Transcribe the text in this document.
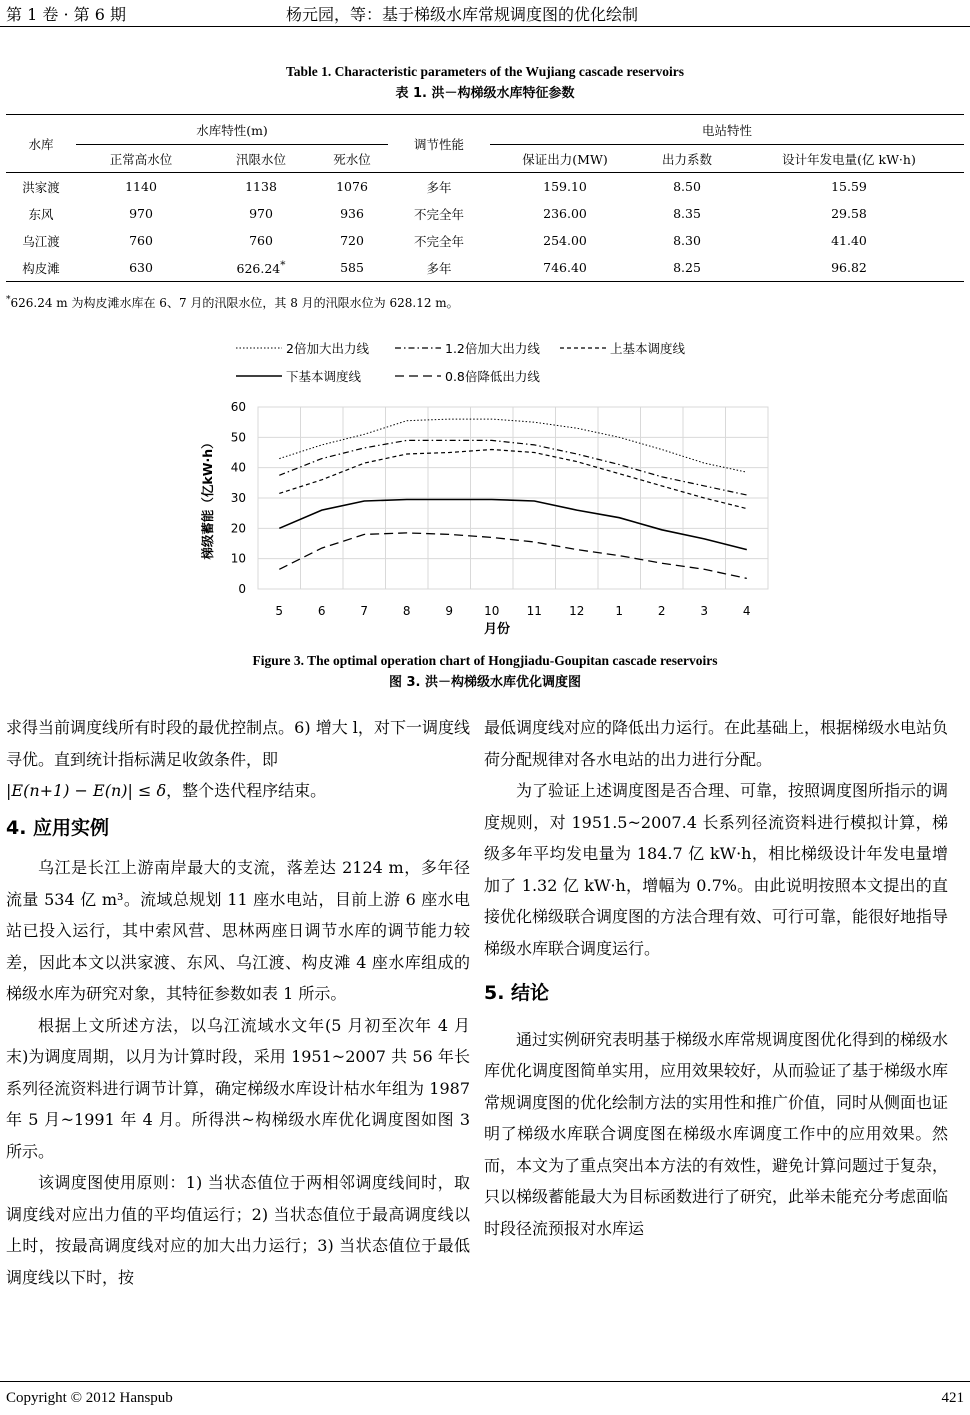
第 1 卷 · 第 6 期	杨元园，等：基于梯级水库常规调度图的优化绘制
Table 1. Characteristic parameters of the Wujiang cascade reservoirs
表 1. 洪－构梯级水库特征参数
水库	水库特性(m)			调节性能	电站特性		
	正常高水位	汛限水位	死水位		保证出力(MW)	出力系数	设计年发电量(亿 kW·h)
洪家渡	1140	1138	1076	多年	159.10	8.50	15.59
东风	970	970	936	不完全年	236.00	8.35	29.58
乌江渡	760	760	720	不完全年	254.00	8.30	41.40
构皮滩	630	626.24*	585	多年	746.40	8.25	96.82
*626.24 m 为构皮滩水库在 6、7 月的汛限水位，其 8 月的汛限水位为 628.12 m。
2倍加大出力线	1.2倍加大出力线	上基本调度线
下基本调度线	0.8倍降低出力线
0
10
20
30
40
50
60
5	6	7	8	9	10 11 12	1	2	3	4
月份
梯级蓄能（亿kW·h）
Figure 3. The optimal operation chart of Hongjiadu-Goupitan cascade reservoirs
图 3. 洪－构梯级水库优化调度图

求得当前调度线所有时段的最优控制点。6) 增大 l，对下一调度线寻优。直到统计指标满足收敛条件，即
|E(n+1) − E(n)| ≤ δ，整个迭代程序结束。

4. 应用实例

乌江是长江上游南岸最大的支流，落差达 2124 m，多年径流量 534 亿 m³。流域总规划 11 座水电站，目前上游 6 座水电站已投入运行，其中索风营、思林两座日调节水库的调节能力较差，因此本文以洪家渡、东风、乌江渡、构皮滩 4 座水库组成的梯级水库为研究对象，其特征参数如表 1 所示。

根据上文所述方法，以乌江流域水文年(5 月初至次年 4 月末)为调度周期，以月为计算时段，采用 1951~2007 共 56 年长系列径流资料进行调节计算，确定梯级水库设计枯水年组为 1987 年 5 月~1991 年 4 月。所得洪~构梯级水库优化调度图如图 3 所示。

该调度图使用原则：1) 当状态值位于两相邻调度线间时，取调度线对应出力值的平均值运行；2) 当状态值位于最高调度线以上时，按最高调度线对应的加大出力运行；3) 当状态值位于最低调度线以下时，按

最低调度线对应的降低出力运行。在此基础上，根据梯级水电站负荷分配规律对各水电站的出力进行分配。

为了验证上述调度图是否合理、可靠，按照调度图所指示的调度规则，对 1951.5~2007.4 长系列径流资料进行模拟计算，梯级多年平均发电量为 184.7 亿 kW·h，相比梯级设计年发电量增加了 1.32 亿 kW·h，增幅为 0.7%。由此说明按照本文提出的直接优化梯级联合调度图的方法合理有效、可行可靠，能很好地指导梯级水库联合调度运行。

5. 结论

通过实例研究表明基于梯级水库常规调度图优化得到的梯级水库优化调度图简单实用，应用效果较好，从而验证了基于梯级水库常规调度图的优化绘制方法的实用性和推广价值，同时从侧面也证明了梯级水库联合调度图在梯级水库调度工作中的应用效果。然而，本文为了重点突出本方法的有效性，避免计算问题过于复杂，只以梯级蓄能最大为目标函数进行了研究，此举未能充分考虑面临时段径流预报对水库运

Copyright © 2012 Hanspub	421
